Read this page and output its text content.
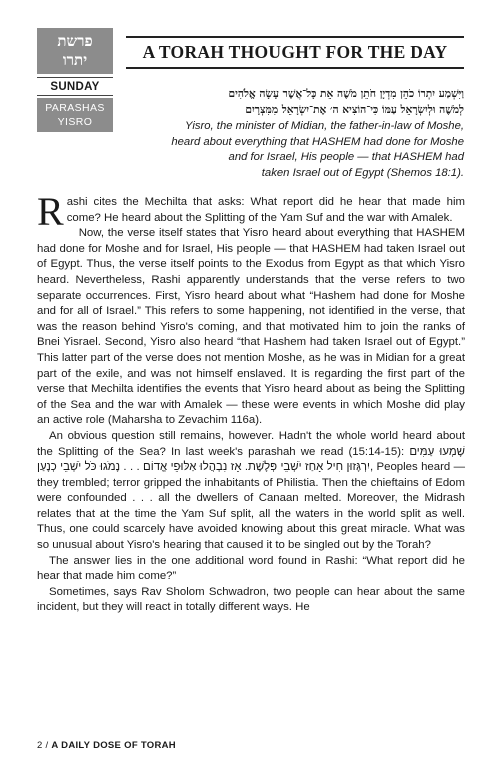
פרשת
יתרו
SUNDAY
PARASHAS
YISRO
A TORAH THOUGHT FOR THE DAY
וַיִּשְׁמַע יִתְרוֹ כֹהֵן מִדְיָן חֹתֵן מֹשֶׁה אֵת כָּל־אֲשֶׁר עָשָׂה אֱלֹהִים
לְמֹשֶׁה וּלְיִשְׂרָאֵל עַמּוֹ כִּי־הוֹצִיא ה׳ אֶת־יִשְׂרָאֵל מִמִּצְרָיִם
Yisro, the minister of Midian, the father-in-law of Moshe,
heard about everything that HASHEM had done for Moshe
and for Israel, His people — that HASHEM had
taken Israel out of Egypt (Shemos 18:1).

Rashi cites the Mechilta that asks: What report did he hear that made him come? He heard about the Splitting of the Yam Suf and the war with Amalek.

Now, the verse itself states that Yisro heard about everything that HASHEM had done for Moshe and for Israel, His people — that HASHEM had taken Israel out of Egypt. Thus, the verse itself points to the Exodus from Egypt as that which Yisro heard. Nevertheless, Rashi apparently understands that the verse refers to two separate occurrences. First, Yisro heard about what “Hashem had done for Moshe and for all of Israel.” This refers to some happening, not identified in the verse, that was the reason behind Yisro's coming, and that motivated him to join the ranks of Bnei Yisrael. Second, Yisro also heard “that Hashem had taken Israel out of Egypt.” This latter part of the verse does not mention Moshe, as he was in Midian for a great part of the exile, and was not himself enslaved. It is regarding the first part of the verse that Mechilta identifies the events that Yisro heard about as being the Splitting of the Sea and the war with Amalek — these were events in which Moshe did play an active role (Maharsha to Zevachim 116a).

An obvious question still remains, however. Hadn't the whole world heard about the Splitting of the Sea? In last week's parashah we read (15:14-15): שָׁמְעוּ עַמִּים יִרְגָּזוּן חִיל אָחַז יֹשְׁבֵי פְּלָשֶׁת. אָז נִבְהֲלוּ אַלּוּפֵי אֱדוֹם . . . נָמֹגוּ כֹּל יֹשְׁבֵי כְנָעַן, Peoples heard — they trembled; terror gripped the inhabitants of Philistia. Then the chieftains of Edom were confounded . . . all the dwellers of Canaan melted. Moreover, the Midrash relates that at the time the Yam Suf split, all the waters in the world split as well. Thus, one could scarcely have avoided knowing about this great miracle. What was so unusual about Yisro's hearing that caused it to be singled out by the Torah?

The answer lies in the one additional word found in Rashi: “What report did he hear that made him come?”

Sometimes, says Rav Sholom Schwadron, two people can hear about the same incident, but they will react in totally different ways. He

2 / A DAILY DOSE OF TORAH
